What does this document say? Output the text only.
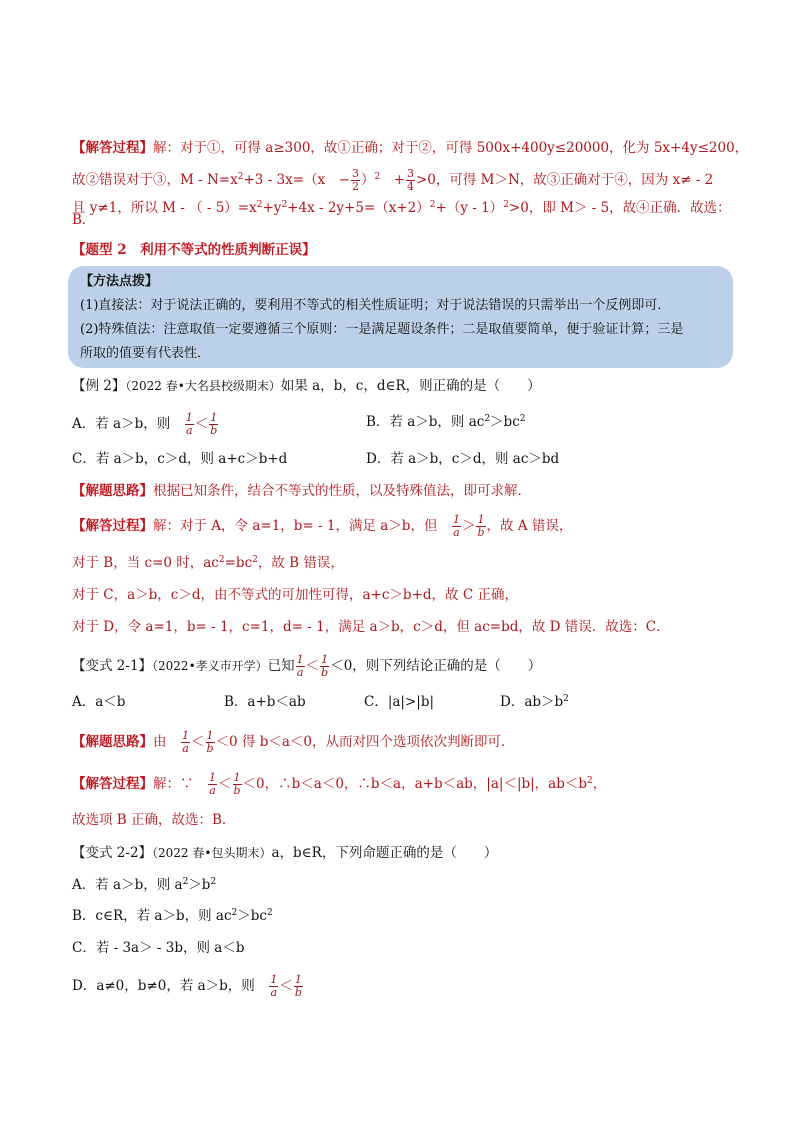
【解答过程】解：对于①，可得 a≥300，故①正确；对于②，可得 500x+400y≤20000，化为 5x+4y≤200，
故②错误对于③，$M - N=x^2+3 - 3x=(x$　− $\frac{3}{2} )^2$　+ $\frac{3}{4} >0$，可得 M＞N，故③正确对于④，因为 x≠ - 2
且 y≠1，所以 M - （ - $5)=x^2+y^2+4x - 2y+5=(x+2)^2+(y - 1)^2>0$，即 M＞ - 5，故④正确．故选：
B．
【题型 2　利用不等式的性质判断正误】
【方法点拨】
(1)直接法：对于说法正确的，要利用不等式的相关性质证明；对于说法错误的只需举出一个反例即可．
(2)特殊值法：注意取值一定要遵循三个原则：一是满足题设条件；二是取值要简单，便于验证计算；三是
所取的值要有代表性．
【例 2】（2022 春•大名县校级期末）如果 a，b，c，d∈R，则正确的是（　　）
A．若 a＞b，则　 $\frac{1}{a} < \frac{1}{b}$	B．若 a＞b，则 $ac^2>bc^2$
C．若 a＞b，c＞d，则 a+c＞b+d	D．若 a＞b，c＞d，则 ac＞bd
【解题思路】根据已知条件，结合不等式的性质，以及特殊值法，即可求解．
【解答过程】解：对于 A，令 a=1，b= - 1，满足 a＞b，但　 $\frac{1}{a} > \frac{1}{b}$ ，故 A 错误，
对于 B，当 c=0 时，$ac^2=bc^2$，故 B 错误，
对于 C，a＞b，c＞d，由不等式的可加性可得，a+c＞b+d，故 C 正确，
对于 D，令 a=1，b= - 1，c=1，d= - 1，满足 a＞b，c＞d，但 ac=bd，故 D 错误．故选：C．
【变式 2-1】（2022•孝义市开学）已知 $\frac{1}{a} < \frac{1}{b} <0$，则下列结论正确的是（　　）
A．a＜b	B．a+b＜ab	C．|a|>|b|	D．$ab>b^2$
【解题思路】由　 $\frac{1}{a} < \frac{1}{b} <0$ 得 b＜a＜0，从而对四个选项依次判断即可．
【解答过程】解：∵　 $\frac{1}{a} < \frac{1}{b} <0$，∴b＜a＜0，∴b＜a，a+b＜ab，|a|＜|b|，$ab<b^2$，
故选项 B 正确，故选：B．
【变式 2-2】（2022 春•包头期末）a，b∈R，下列命题正确的是（　　）
A．若 a＞b，则 $a^2>b^2$
B．c∈R，若 a＞b，则 $ac^2>bc^2$
C．若 - 3a＞ - 3b，则 a＜b
D．a≠0，b≠0，若 a＞b，则　 $\frac{1}{a} < \frac{1}{b}$
